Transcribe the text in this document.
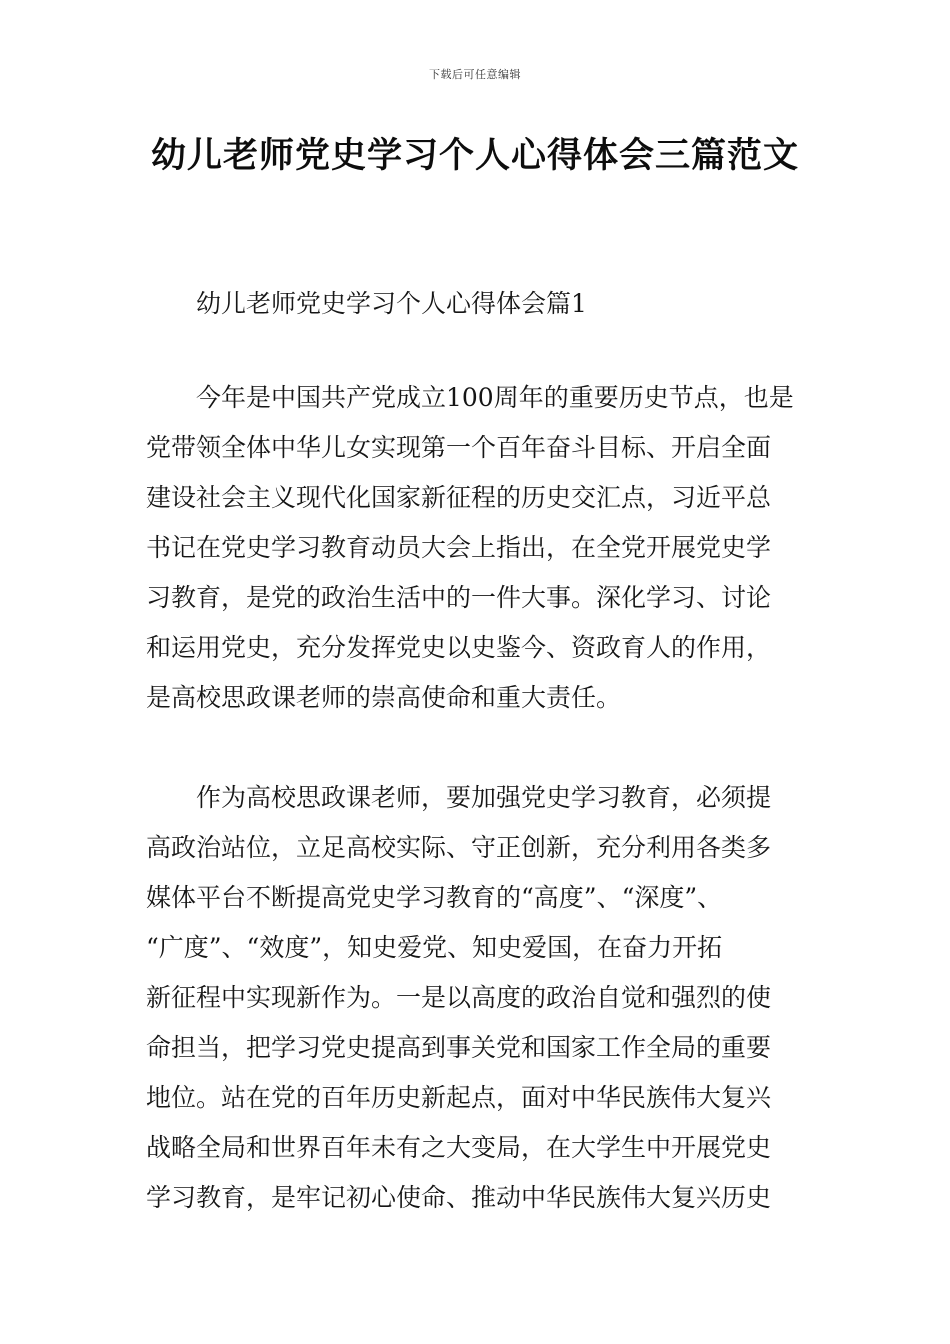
下载后可任意编辑
幼儿老师党史学习个人心得体会三篇范文
幼儿老师党史学习个人心得体会篇1
今年是中国共产党成立100周年的重要历史节点，也是
党带领全体中华儿女实现第一个百年奋斗目标、开启全面
建设社会主义现代化国家新征程的历史交汇点，习近平总
书记在党史学习教育动员大会上指出，在全党开展党史学
习教育，是党的政治生活中的一件大事。深化学习、讨论
和运用党史，充分发挥党史以史鉴今、资政育人的作用，
是高校思政课老师的崇高使命和重大责任。
作为高校思政课老师，要加强党史学习教育，必须提
高政治站位，立足高校实际、守正创新，充分利用各类多
媒体平台不断提高党史学习教育的“高度”、“深度”、
“广度”、“效度”，知史爱党、知史爱国，在奋力开拓
新征程中实现新作为。一是以高度的政治自觉和强烈的使
命担当，把学习党史提高到事关党和国家工作全局的重要
地位。站在党的百年历史新起点，面对中华民族伟大复兴
战略全局和世界百年未有之大变局，在大学生中开展党史
学习教育，是牢记初心使命、推动中华民族伟大复兴历史
